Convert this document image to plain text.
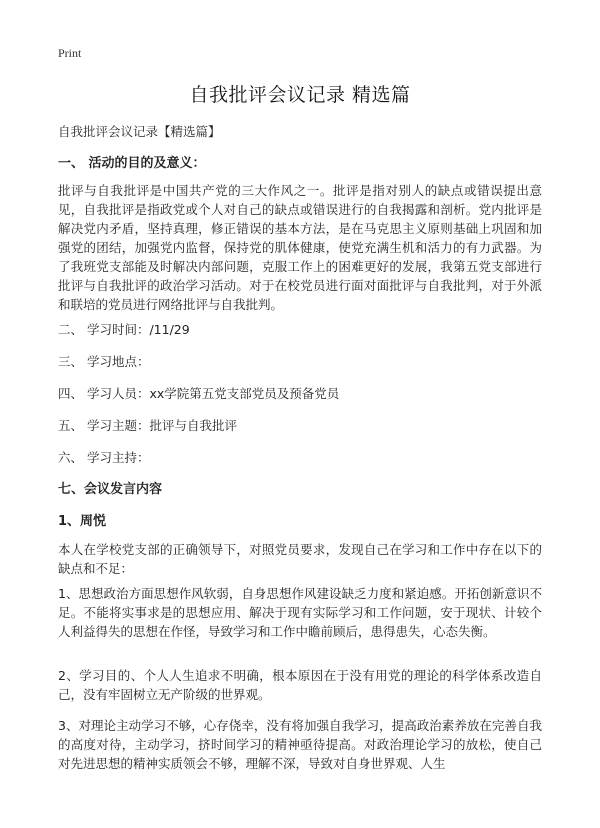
Print
自我批评会议记录 精选篇
自我批评会议记录【精选篇】
一、 活动的目的及意义：
批评与自我批评是中国共产党的三大作风之一。批评是指对别人的缺点或错误提出意见，自我批评是指政党或个人对自己的缺点或错误进行的自我揭露和剖析。党内批评是解决党内矛盾，坚持真理，修正错误的基本方法，是在马克思主义原则基础上巩固和加强党的团结，加强党内监督，保持党的肌体健康，使党充满生机和活力的有力武器。为了我班党支部能及时解决内部问题，克服工作上的困难更好的发展，我第五党支部进行批评与自我批评的政治学习活动。对于在校党员进行面对面批评与自我批判，对于外派和联培的党员进行网络批评与自我批判。
二、 学习时间：/11/29
三、 学习地点：
四、 学习人员：xx学院第五党支部党员及预备党员
五、 学习主题：批评与自我批评
六、 学习主持：
七、会议发言内容
1、周悦
本人在学校党支部的正确领导下，对照党员要求，发现自己在学习和工作中存在以下的缺点和不足：
1、思想政治方面思想作风软弱，自身思想作风建设缺乏力度和紧迫感。开拓创新意识不足。不能将实事求是的思想应用、解决于现有实际学习和工作问题，安于现状、计较个人利益得失的思想在作怪，导致学习和工作中瞻前顾后，患得患失，心态失衡。
2、学习目的、个人人生追求不明确，根本原因在于没有用党的理论的科学体系改造自己，没有牢固树立无产阶级的世界观。
3、对理论主动学习不够，心存侥幸，没有将加强自我学习，提高政治素养放在完善自我的高度对待，主动学习，挤时间学习的精神亟待提高。对政治理论学习的放松，使自己对先进思想的精神实质领会不够，理解不深，导致对自身世界观、人生
